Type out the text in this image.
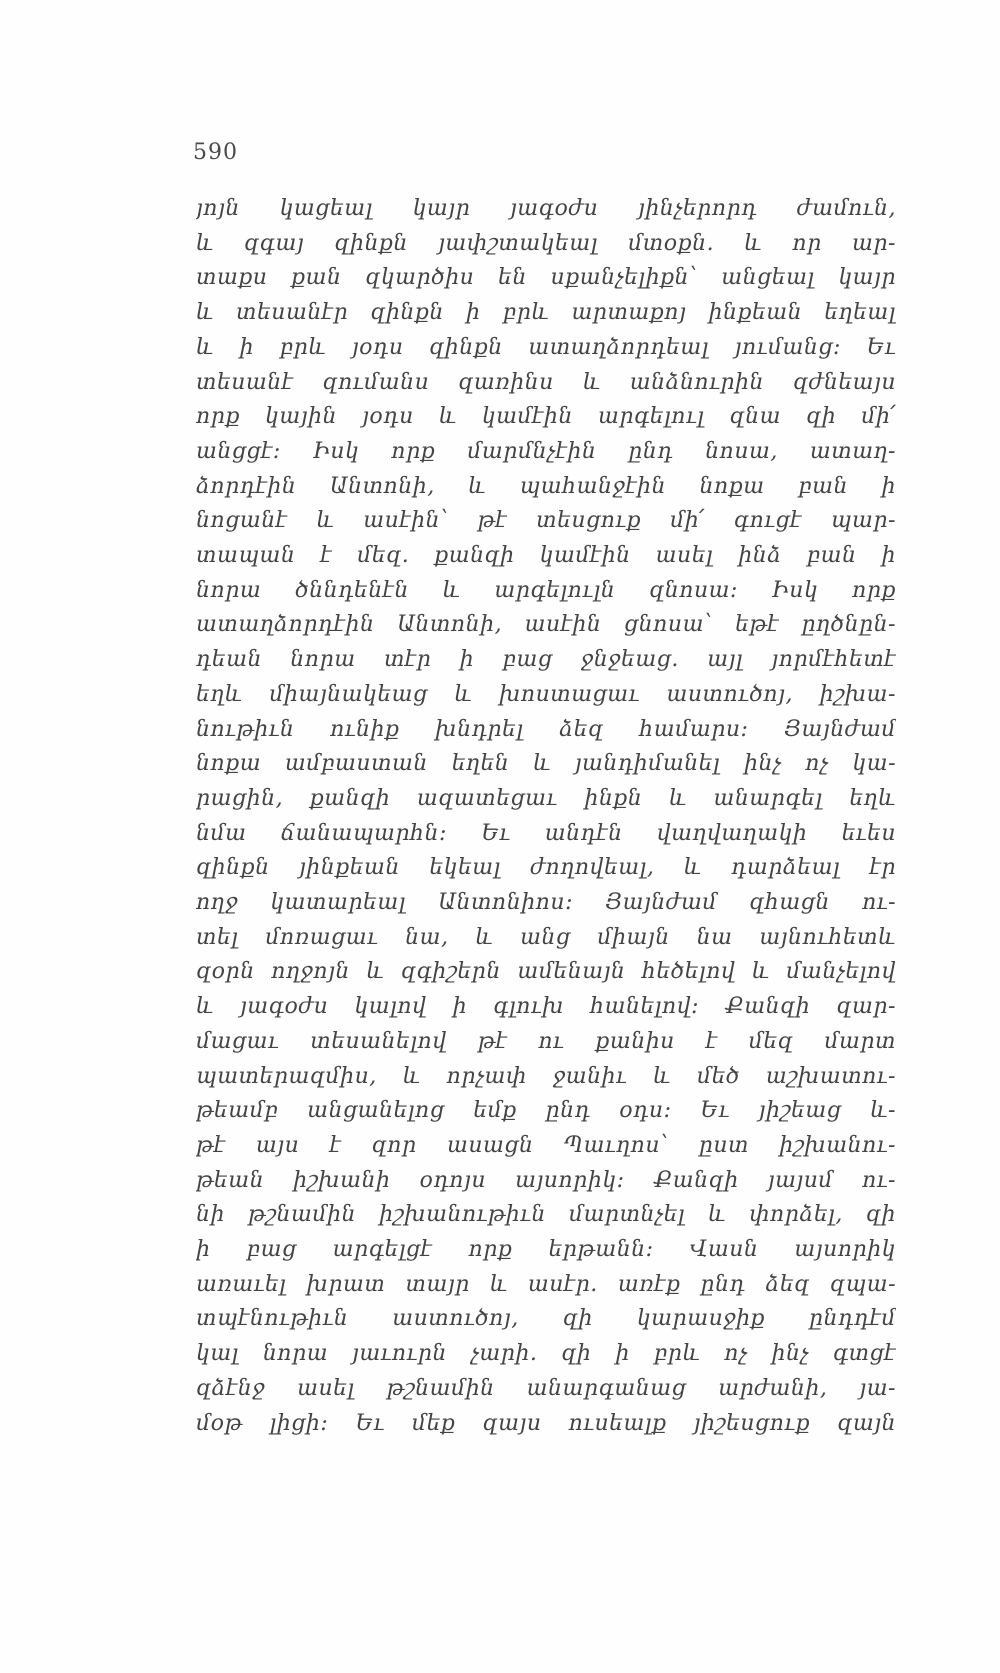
590
յոյն կացեալ կայր յագօժս յինչերորդ ժամուն,
և զգայ զինքն յափշտակեալ մտօքն. և որ ար-
տաքս քան զկարծիս են սքանչելիքն՝ անցեալ կայր
և տեսանէր զինքն ի բրև արտաքոյ ինքեան եղեալ
և ի բրև յօդս զինքն ատաղձորդեալ յումանց։ Եւ
տեսանէ զումանս զառինս և անձնուրին զժնեայս
որք կային յօդս և կամէին արգելուլ զնա զի մի՛
անցցէ։ Իսկ որք մարմնչէին ընդ նոսա, ատաղ-
ձորդէին Անտոնի, և պահանջէին նոքա բան ի
նոցանէ և ասէին՝ թէ տեսցուք մի՛ գուցէ պար-
տապան է մեզ. քանզի կամէին ասել ինձ բան ի
նորա ծննդենէն և արգելուլն զնոսա։ Իսկ որք
ատաղձորդէին Անտոնի, ասէին ցնոսա՝ եթէ ըղծնըն-
դեան նորա տէր ի բաց ջնջեաց. այլ յորմէհետէ
եղև միայնակեաց և խոստացաւ աստուծոյ, իշխա-
նութիւն ունիք խնդրել ձեզ համարս։ Յայնժամ
նոքա ամբաստան եղեն և յանդիմանել ինչ ոչ կա-
րացին, քանզի ազատեցաւ ինքն և անարգել եղև
նմա ճանապարհն։ Եւ անդէն վաղվաղակի եւես
զինքն յինքեան եկեալ ժողովեալ, և դարձեալ էր
ողջ կատարեալ Անտոնիոս։ Յայնժամ զհացն ու-
տել մոռացաւ նա, և անց միայն նա այնուհետև
զօրն ողջոյն և զգիշերն ամենայն հեծելով և մանչելով
և յագօժս կալով ի գլուխ հանելով։ Քանզի զար-
մացաւ տեսանելով թէ ու քանիս է մեզ մարտ
պատերազմիս, և որչափ ջանիւ և մեծ աշխատու-
թեամբ անցանելոց եմք ընդ օդս։ Եւ յիշեաց և-
թէ այս է զոր ասացն Պաւղոս՝ ըստ իշխանու-
թեան իշխանի օդոյս այսորիկ։ Քանզի յայսմ ու-
նի թշնամին իշխանութիւն մարտնչել և փորձել, զի
ի բաց արգելցէ որք երթանն։ Վասն այսորիկ
առաւել խրատ տայր և ասէր. առէք ընդ ձեզ զպա-
տպէնութիւն աստուծոյ, զի կարասջիք ընդդէմ
կալ նորա յաւուրն չարի. զի ի բրև ոչ ինչ գտցէ
զձէնջ ասել թշնամին անարգանաց արժանի, յա-
մօթ լիցի։ Եւ մեք զայս ուսեալք յիշեսցուք զայն
